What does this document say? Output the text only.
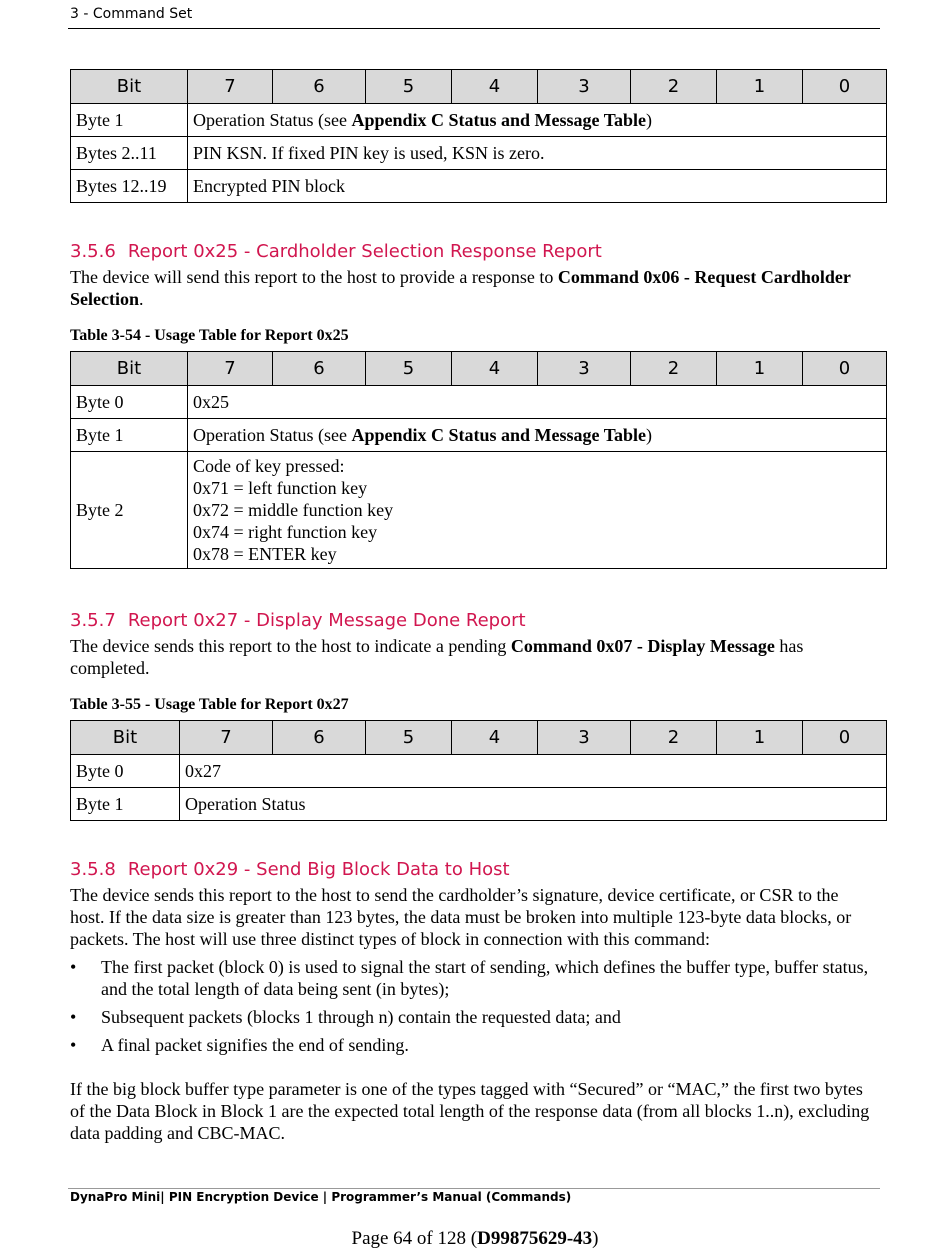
3 - Command Set
Bit	7	6	5	4	3	2	1	0
Byte 1	Operation Status (see Appendix C Status and Message Table)							
Bytes 2..11	PIN KSN. If fixed PIN key is used, KSN is zero.							
Bytes 12..19	Encrypted PIN block							
3.5.6 Report 0x25 - Cardholder Selection Response Report

The device will send this report to the host to provide a response to Command 0x06 - Request Cardholder Selection.

Table 3-54 - Usage Table for Report 0x25
Bit	7	6	5	4	3	2	1	0
Byte 0	0x25							
Byte 1	Operation Status (see Appendix C Status and Message Table)							
Byte 2	Code of key pressed:
0x71 = left function key
0x72 = middle function key
0x74 = right function key
0x78 = ENTER key							
3.5.7 Report 0x27 - Display Message Done Report

The device sends this report to the host to indicate a pending Command 0x07 - Display Message has completed.

Table 3-55 - Usage Table for Report 0x27
Bit	7	6	5	4	3	2	1	0
Byte 0	0x27							
Byte 1	Operation Status							
3.5.8 Report 0x29 - Send Big Block Data to Host

The device sends this report to the host to send the cardholder’s signature, device certificate, or CSR to the host. If the data size is greater than 123 bytes, the data must be broken into multiple 123-byte data blocks, or packets. The host will use three distinct types of block in connection with this command:

• The first packet (block 0) is used to signal the start of sending, which defines the buffer type, buffer status, and the total length of data being sent (in bytes);
• Subsequent packets (blocks 1 through n) contain the requested data; and
• A final packet signifies the end of sending.

If the big block buffer type parameter is one of the types tagged with “Secured” or “MAC,” the first two bytes of the Data Block in Block 1 are the expected total length of the response data (from all blocks 1..n), excluding data padding and CBC-MAC.

DynaPro Mini| PIN Encryption Device | Programmer’s Manual (Commands)
Page 64 of 128 (D99875629-43)
